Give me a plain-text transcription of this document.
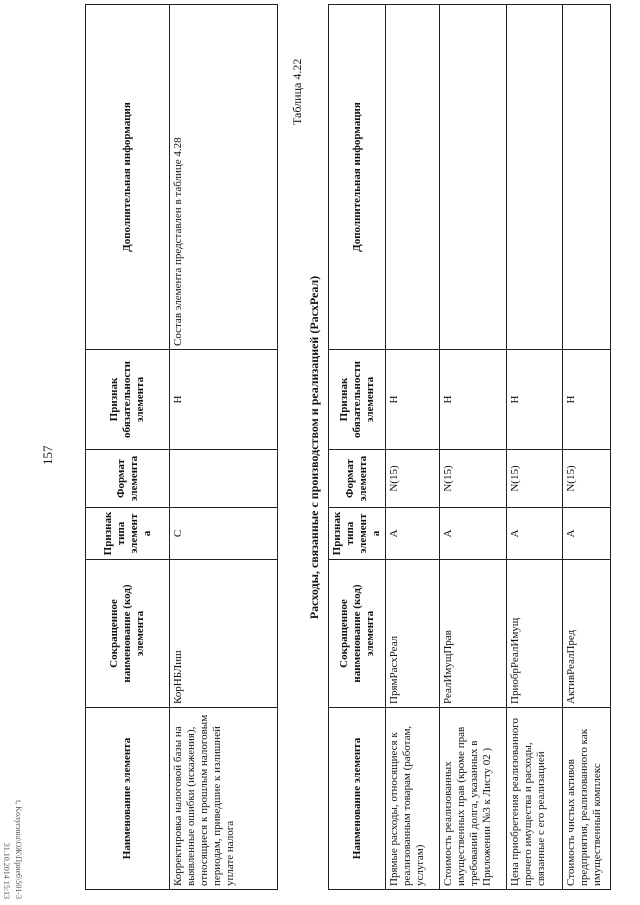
157
Наименование элемента	Сокращенное наименование (код) элемента	Признак типа элемента	Формат элемента	Признак обязательности элемента	Дополнительная информация
Корректировка налоговой базы на выявленные ошибки (искажения), относящиеся к прошлым налоговым периодам, приведшие к излишней уплате налога	КорНБЛиш	С		Н	Состав элемента представлен в таблице 4.28
Таблица 4.22
Расходы, связанные с производством и реализацией (РасхРеал)
Наименование элемента	Сокращенное наименование (код) элемента	Признак типа элемента	Формат элемента	Признак обязательности элемента	Дополнительная информация
Прямые расходы, относящиеся к реализованным товарам (работам, услугам)	ПрямРасхРеал	А	N(15)	Н	
Стоимость реализованных имущественных прав (кроме прав требований долга, указанных в Приложении №3 к Листу 02 )	РеалИмущПрав	А	N(15)	Н	
Цена приобретения реализованного прочего имущества и расходы, связанные с его реализацией	ПриобрРеалИмущ	А	N(15)	Н	
Стоимость чистых активов предприятия, реализованного как имущественный комплекс	АктивРеалПред	А	N(15)	Н	
31.10.2014 15:13 t, Kолугина\ОЖ\Приеб\501-3
